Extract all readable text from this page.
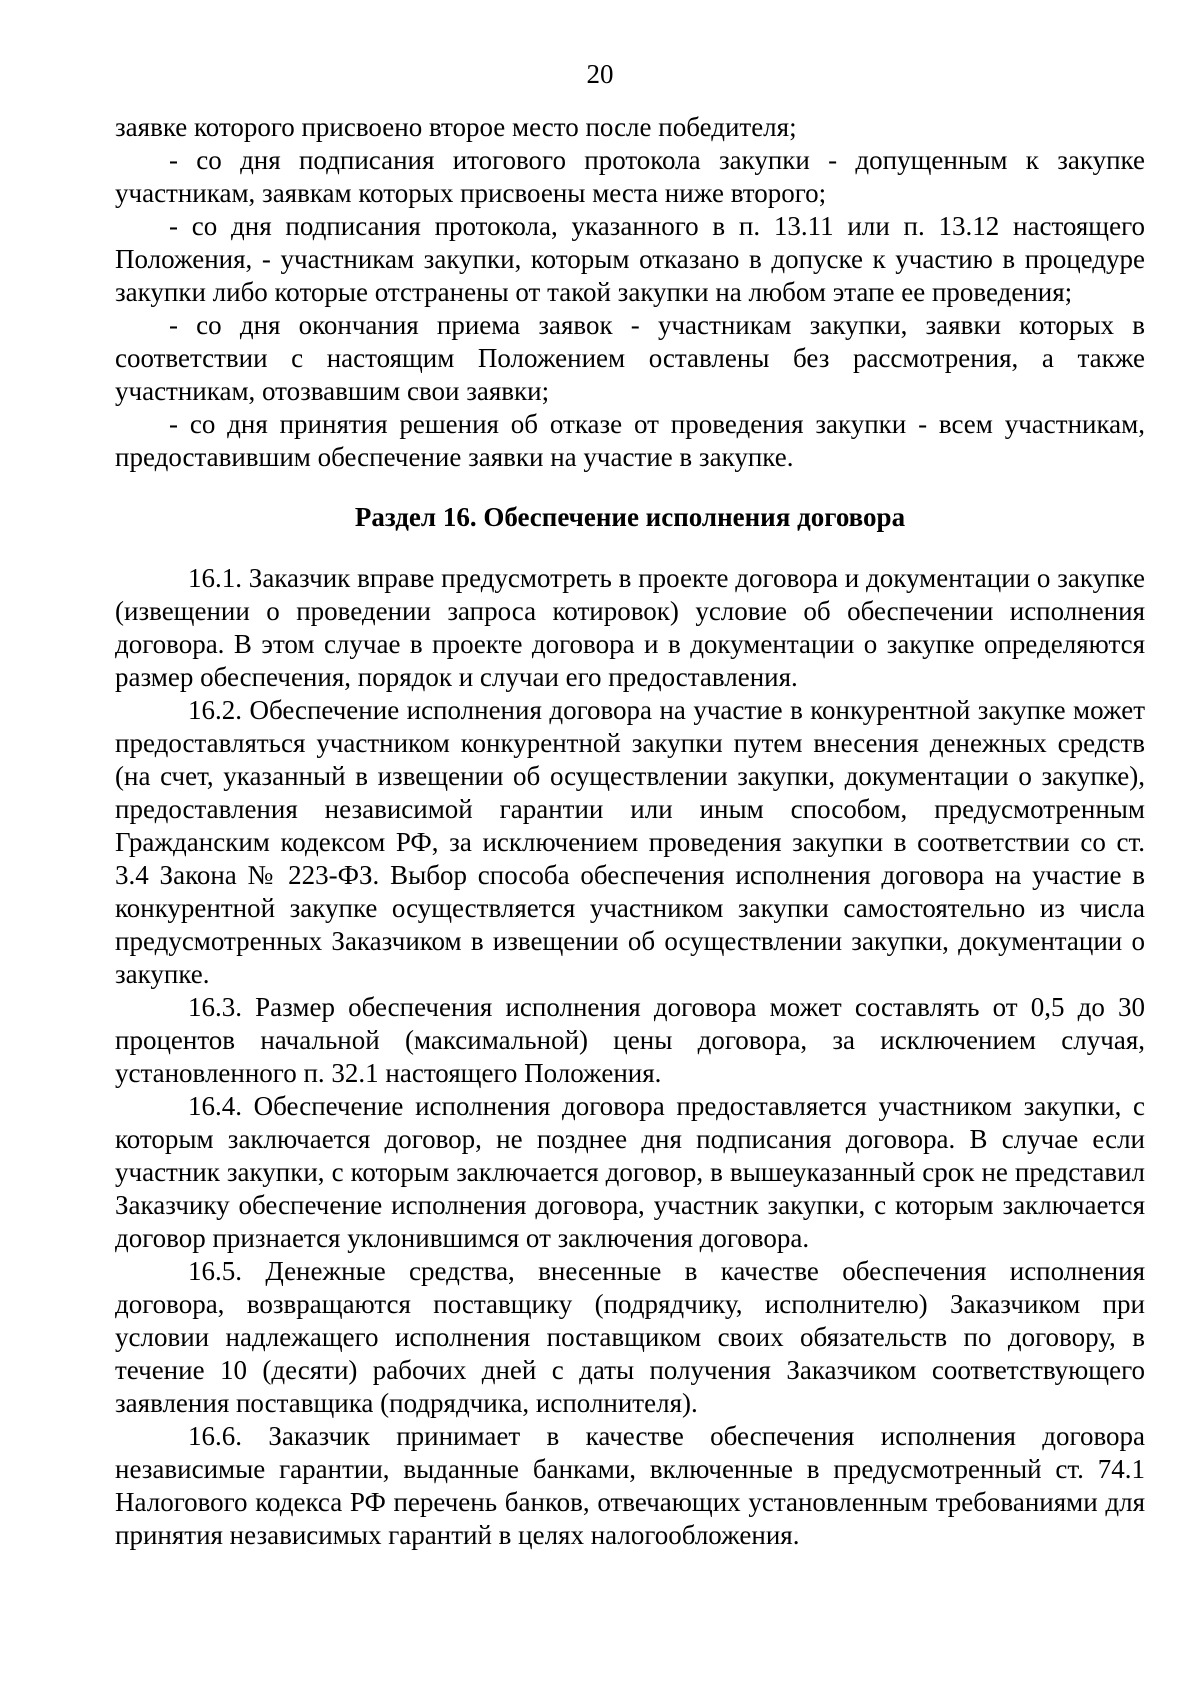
20

заявке которого присвоено второе место после победителя;

- со дня подписания итогового протокола закупки - допущенным к закупке участникам, заявкам которых присвоены места ниже второго;

- со дня подписания протокола, указанного в п. 13.11 или п. 13.12 настоящего Положения, - участникам закупки, которым отказано в допуске к участию в процедуре закупки либо которые отстранены от такой закупки на любом этапе ее проведения;

- со дня окончания приема заявок - участникам закупки, заявки которых в соответствии с настоящим Положением оставлены без рассмотрения, а также участникам, отозвавшим свои заявки;

- со дня принятия решения об отказе от проведения закупки - всем участникам, предоставившим обеспечение заявки на участие в закупке.

Раздел 16. Обеспечение исполнения договора

16.1. Заказчик вправе предусмотреть в проекте договора и документации о закупке (извещении о проведении запроса котировок) условие об обеспечении исполнения договора. В этом случае в проекте договора и в документации о закупке определяются размер обеспечения, порядок и случаи его предоставления.

16.2. Обеспечение исполнения договора на участие в конкурентной закупке может предоставляться участником конкурентной закупки путем внесения денежных средств (на счет, указанный в извещении об осуществлении закупки, документации о закупке), предоставления независимой гарантии или иным способом, предусмотренным Гражданским кодексом РФ, за исключением проведения закупки в соответствии со ст. 3.4 Закона № 223-ФЗ. Выбор способа обеспечения исполнения договора на участие в конкурентной закупке осуществляется участником закупки самостоятельно из числа предусмотренных Заказчиком в извещении об осуществлении закупки, документации о закупке.

16.3. Размер обеспечения исполнения договора может составлять от 0,5 до 30 процентов начальной (максимальной) цены договора, за исключением случая, установленного п. 32.1 настоящего Положения.

16.4. Обеспечение исполнения договора предоставляется участником закупки, с которым заключается договор, не позднее дня подписания договора. В случае если участник закупки, с которым заключается договор, в вышеуказанный срок не представил Заказчику обеспечение исполнения договора, участник закупки, с которым заключается договор признается уклонившимся от заключения договора.

16.5. Денежные средства, внесенные в качестве обеспечения исполнения договора, возвращаются поставщику (подрядчику, исполнителю) Заказчиком при условии надлежащего исполнения поставщиком своих обязательств по договору, в течение 10 (десяти) рабочих дней с даты получения Заказчиком соответствующего заявления поставщика (подрядчика, исполнителя).

16.6. Заказчик принимает в качестве обеспечения исполнения договора независимые гарантии, выданные банками, включенные в предусмотренный ст. 74.1 Налогового кодекса РФ перечень банков, отвечающих установленным требованиями для принятия независимых гарантий в целях налогообложения.
